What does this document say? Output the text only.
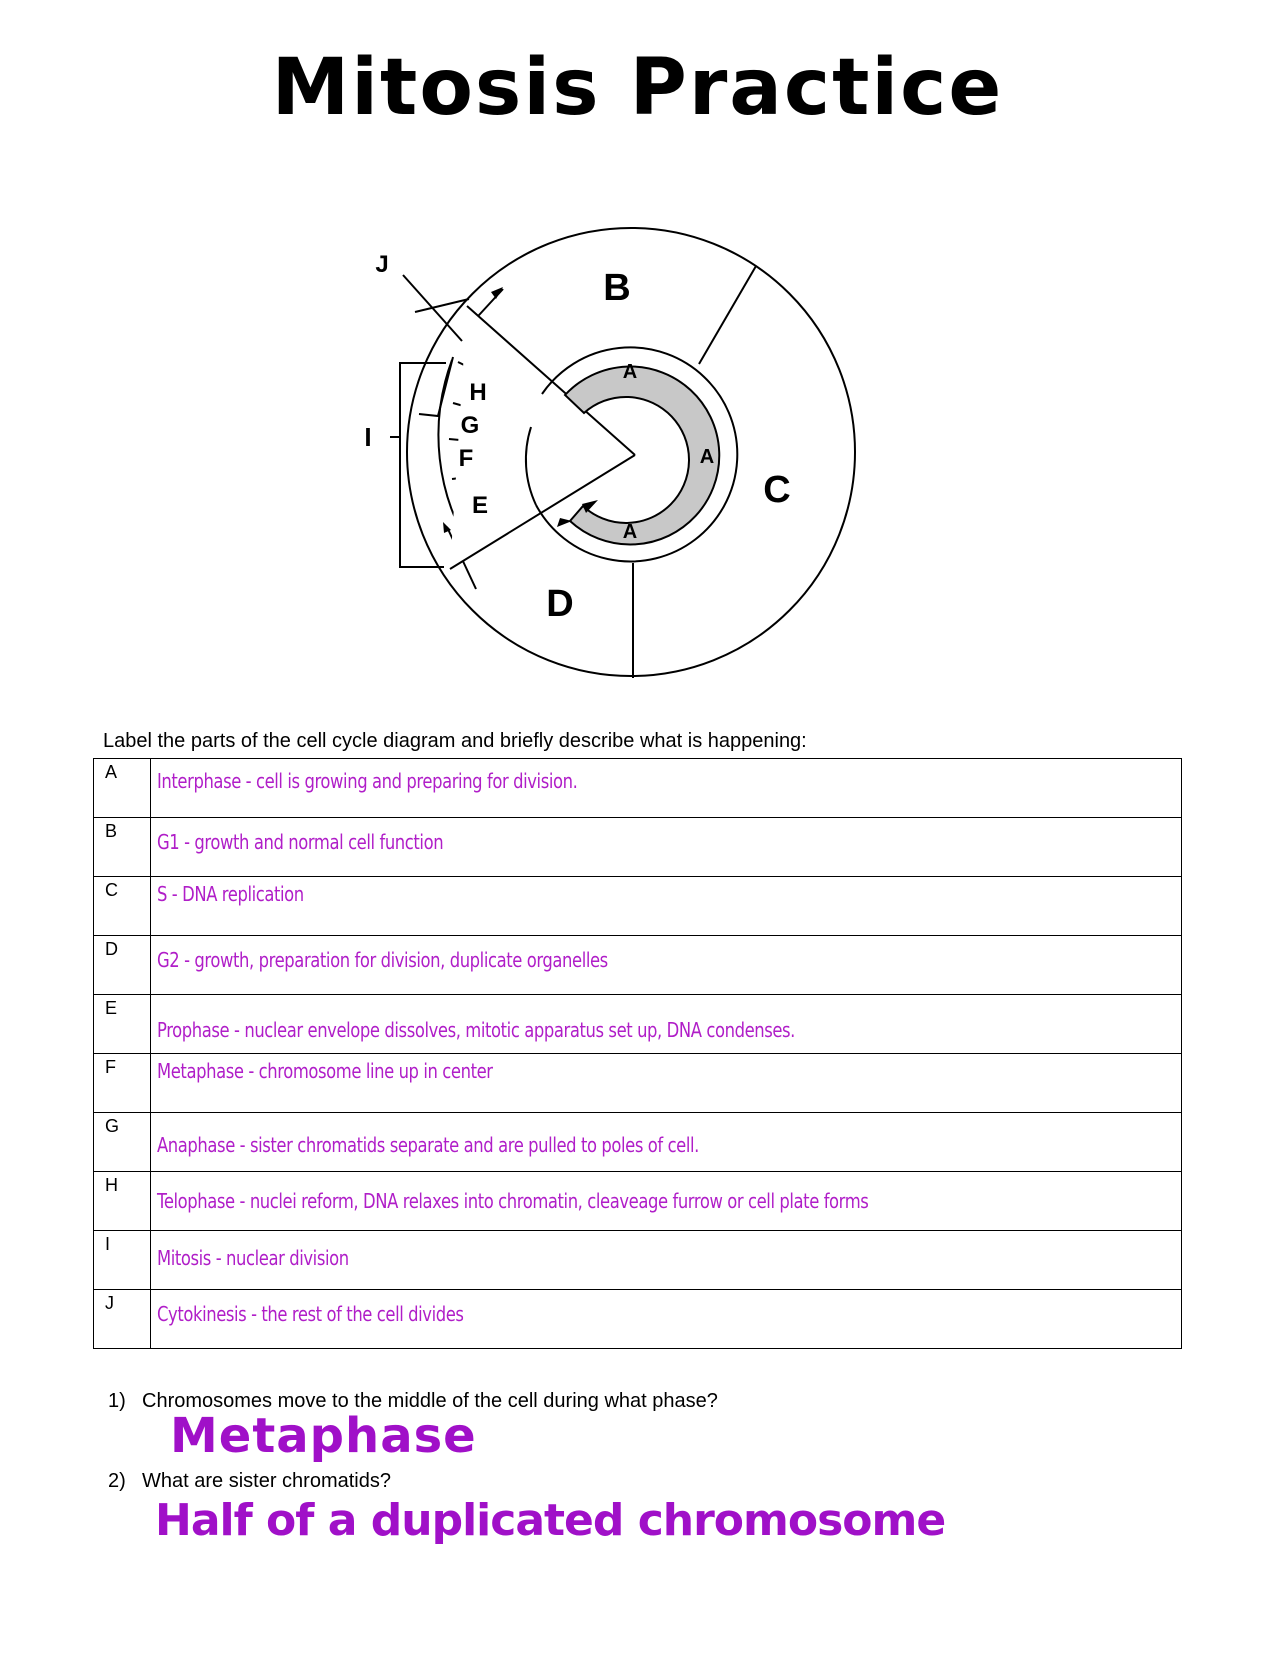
Mitosis Practice
B
C
D
A
A
A
H
G
F
E
J
I
Label the parts of the cell cycle diagram and briefly describe what is happening:
A	Interphase - cell is growing and preparing for division.

B	G1 - growth and normal cell function

C	S - DNA replication

D	G2 - growth, preparation for division, duplicate organelles

E	Prophase - nuclear envelope dissolves, mitotic apparatus set up, DNA condenses.

F	Metaphase - chromosome line up in center

G	Anaphase - sister chromatids separate and are pulled to poles of cell.

H	Telophase - nuclei reform, DNA relaxes into chromatin, cleaveage furrow or cell plate forms

I	Mitosis - nuclear division

J	Cytokinesis - the rest of the cell divides
1) Chromosomes move to the middle of the cell during what phase?
Metaphase
2) What are sister chromatids?
Half of a duplicated chromosome
